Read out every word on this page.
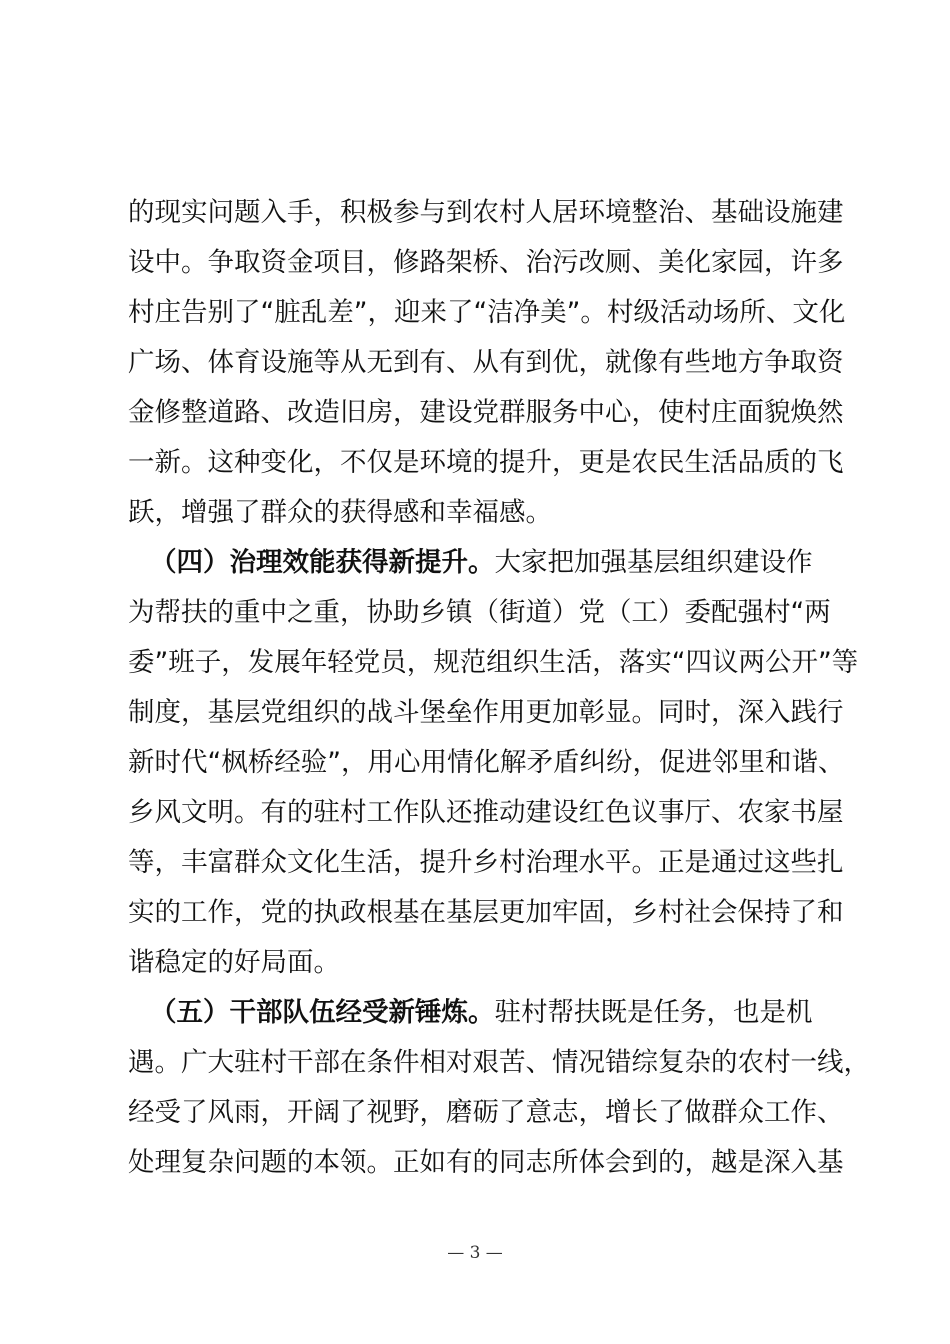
的现实问题入手，积极参与到农村人居环境整治、基础设施建
设中。争取资金项目，修路架桥、治污改厕、美化家园，许多
村庄告别了“脏乱差”，迎来了“洁净美”。村级活动场所、文化
广场、体育设施等从无到有、从有到优，就像有些地方争取资
金修整道路、改造旧房，建设党群服务中心，使村庄面貌焕然
一新。这种变化，不仅是环境的提升，更是农民生活品质的飞
跃，增强了群众的获得感和幸福感。
（四）治理效能获得新提升。大家把加强基层组织建设作
为帮扶的重中之重，协助乡镇（街道）党（工）委配强村“两
委”班子，发展年轻党员，规范组织生活，落实“四议两公开”等
制度，基层党组织的战斗堡垒作用更加彰显。同时，深入践行
新时代“枫桥经验”，用心用情化解矛盾纠纷，促进邻里和谐、
乡风文明。有的驻村工作队还推动建设红色议事厅、农家书屋
等，丰富群众文化生活，提升乡村治理水平。正是通过这些扎
实的工作，党的执政根基在基层更加牢固，乡村社会保持了和
谐稳定的好局面。
（五）干部队伍经受新锤炼。驻村帮扶既是任务，也是机
遇。广大驻村干部在条件相对艰苦、情况错综复杂的农村一线，
经受了风雨，开阔了视野，磨砺了意志，增长了做群众工作、
处理复杂问题的本领。正如有的同志所体会到的，越是深入基
— 3 —
